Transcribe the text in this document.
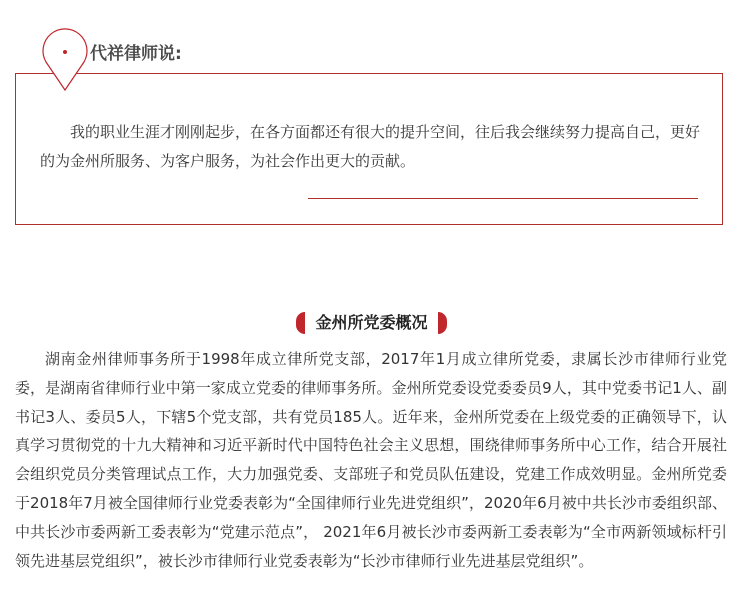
我的职业生涯才刚刚起步，在各方面都还有很大的提升空间，往后我会继续努力提高自己，更好的为金州所服务、为客户服务，为社会作出更大的贡献。

代祥律师说:
金州所党委概况

湖南金州律师事务所于1998年成立律所党支部，2017年1月成立律所党委，隶属长沙市律师行业党委，是湖南省律师行业中第一家成立党委的律师事务所。金州所党委设党委委员9人，其中党委书记1人、副书记3人、委员5人，下辖5个党支部，共有党员185人。近年来，金州所党委在上级党委的正确领导下，认真学习贯彻党的十九大精神和习近平新时代中国特色社会主义思想，围绕律师事务所中心工作，结合开展社会组织党员分类管理试点工作，大力加强党委、支部班子和党员队伍建设，党建工作成效明显。金州所党委于2018年7月被全国律师行业党委表彰为“全国律师行业先进党组织”，2020年6月被中共长沙市委组织部、中共长沙市委两新工委表彰为“党建示范点”， 2021年6月被长沙市委两新工委表彰为“全市两新领域标杆引领先进基层党组织”，被长沙市律师行业党委表彰为“长沙市律师行业先进基层党组织”。
